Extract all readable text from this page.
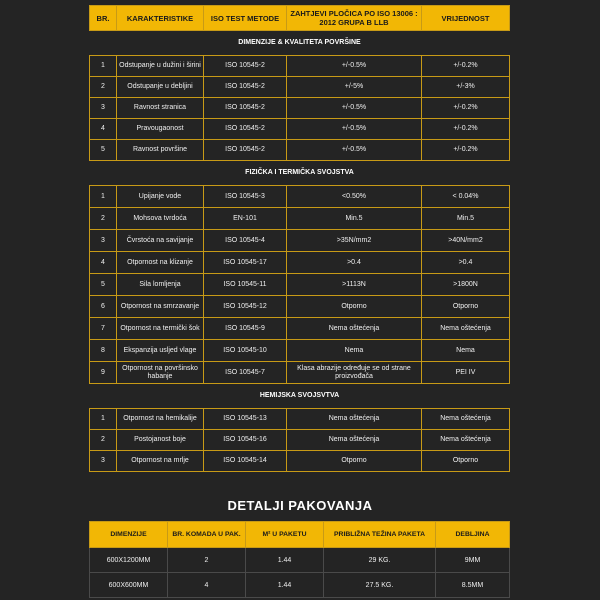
BR.	KARAKTERISTIKE	ISO TEST METODE	ZAHTJEVI PLOČICA PO ISO 13006 : 2012 GRUPA B LLB	VRIJEDNOST
DIMENZIJE & KVALITETA POVRŠINE				
1	Odstupanje u dužini i širini	ISO 10545-2	+/-0.5%	+/-0.2%
2	Odstupanje u debljini	ISO 10545-2	+/-5%	+/-3%
3	Ravnost stranica	ISO 10545-2	+/-0.5%	+/-0.2%
4	Pravougaonost	ISO 10545-2	+/-0.5%	+/-0.2%
5	Ravnost površine	ISO 10545-2	+/-0.5%	+/-0.2%
FIZIČKA I TERMIČKA SVOJSTVA				
1	Upijanje vode	ISO 10545-3	<0.50%	< 0.04%
2	Mohsova tvrdoća	EN-101	Min.5	Min.5
3	Čvrstoća na savijanje	ISO 10545-4	>35N/mm2	>40N/mm2
4	Otpornost na klizanje	ISO 10545-17	>0.4	>0.4
5	Sila lomljenja	ISO 10545-11	>1113N	>1800N
6	Otpornost na smrzavanje	ISO 10545-12	Otporno	Otporno
7	Otpornost na termički šok	ISO 10545-9	Nema oštećenja	Nema oštećenja
8	Ekspanzija usljed vlage	ISO 10545-10	Nema	Nema
9	Otpornost na površinsko habanje	ISO 10545-7	Klasa abrazije određuje se od strane proizvođača	PEI IV
HEMIJSKA SVOJSVTVA				
1	Otpornost na hemikalije	ISO 10545-13	Nema oštećenja	Nema oštećenja
2	Postojanost boje	ISO 10545-16	Nema oštećenja	Nema oštećenja
3	Otpornost na mrlje	ISO 10545-14	Otporno	Otporno
DETALJI PAKOVANJA
DIMENZIJE	BR. KOMADA U PAK.	M² U PAKETU	PRIBLIŽNA TEŽINA PAKETA	DEBLJINA
600X1200MM	2	1.44	29 KG.	9MM
600X600MM	4	1.44	27.5 KG.	8.5MM
